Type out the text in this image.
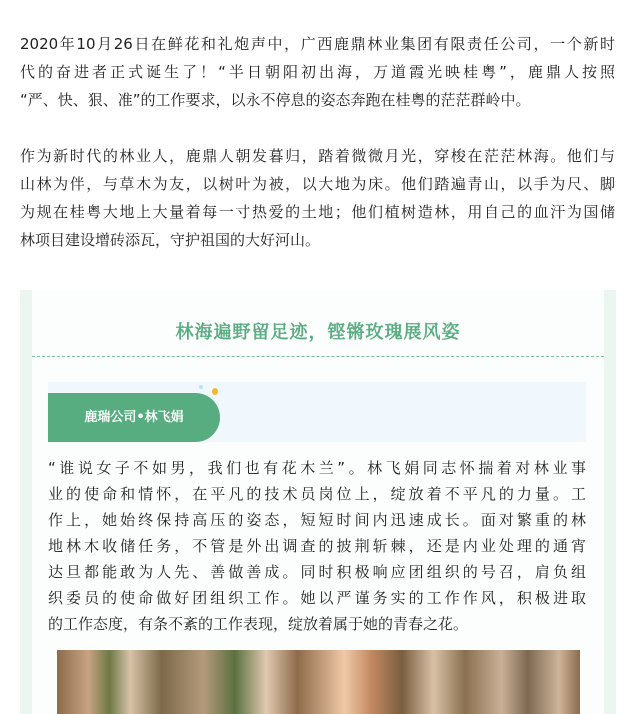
2020年10月26日在鲜花和礼炮声中，广西鹿鼎林业集团有限责任公司，一个新时
代的奋进者正式诞生了！“半日朝阳初出海，万道霞光映桂粤”，鹿鼎人按照
“严、快、狠、准”的工作要求，以永不停息的姿态奔跑在桂粤的茫茫群岭中。
作为新时代的林业人，鹿鼎人朝发暮归，踏着微微月光，穿梭在茫茫林海。他们与
山林为伴，与草木为友，以树叶为被，以大地为床。他们踏遍青山，以手为尺、脚
为规在桂粤大地上大量着每一寸热爱的土地；他们植树造林，用自己的血汗为国储
林项目建设增砖添瓦，守护祖国的大好河山。
林海遍野留足迹，铿锵玫瑰展风姿
鹿瑞公司•林飞娟
“谁说女子不如男，我们也有花木兰”。林飞娟同志怀揣着对林业事
业的使命和情怀，在平凡的技术员岗位上，绽放着不平凡的力量。工
作上，她始终保持高压的姿态，短短时间内迅速成长。面对繁重的林
地林木收储任务，不管是外出调查的披荆斩棘，还是内业处理的通宵
达旦都能敢为人先、善做善成。同时积极响应团组织的号召，肩负组
织委员的使命做好团组织工作。她以严谨务实的工作作风，积极进取
的工作态度，有条不紊的工作表现，绽放着属于她的青春之花。
